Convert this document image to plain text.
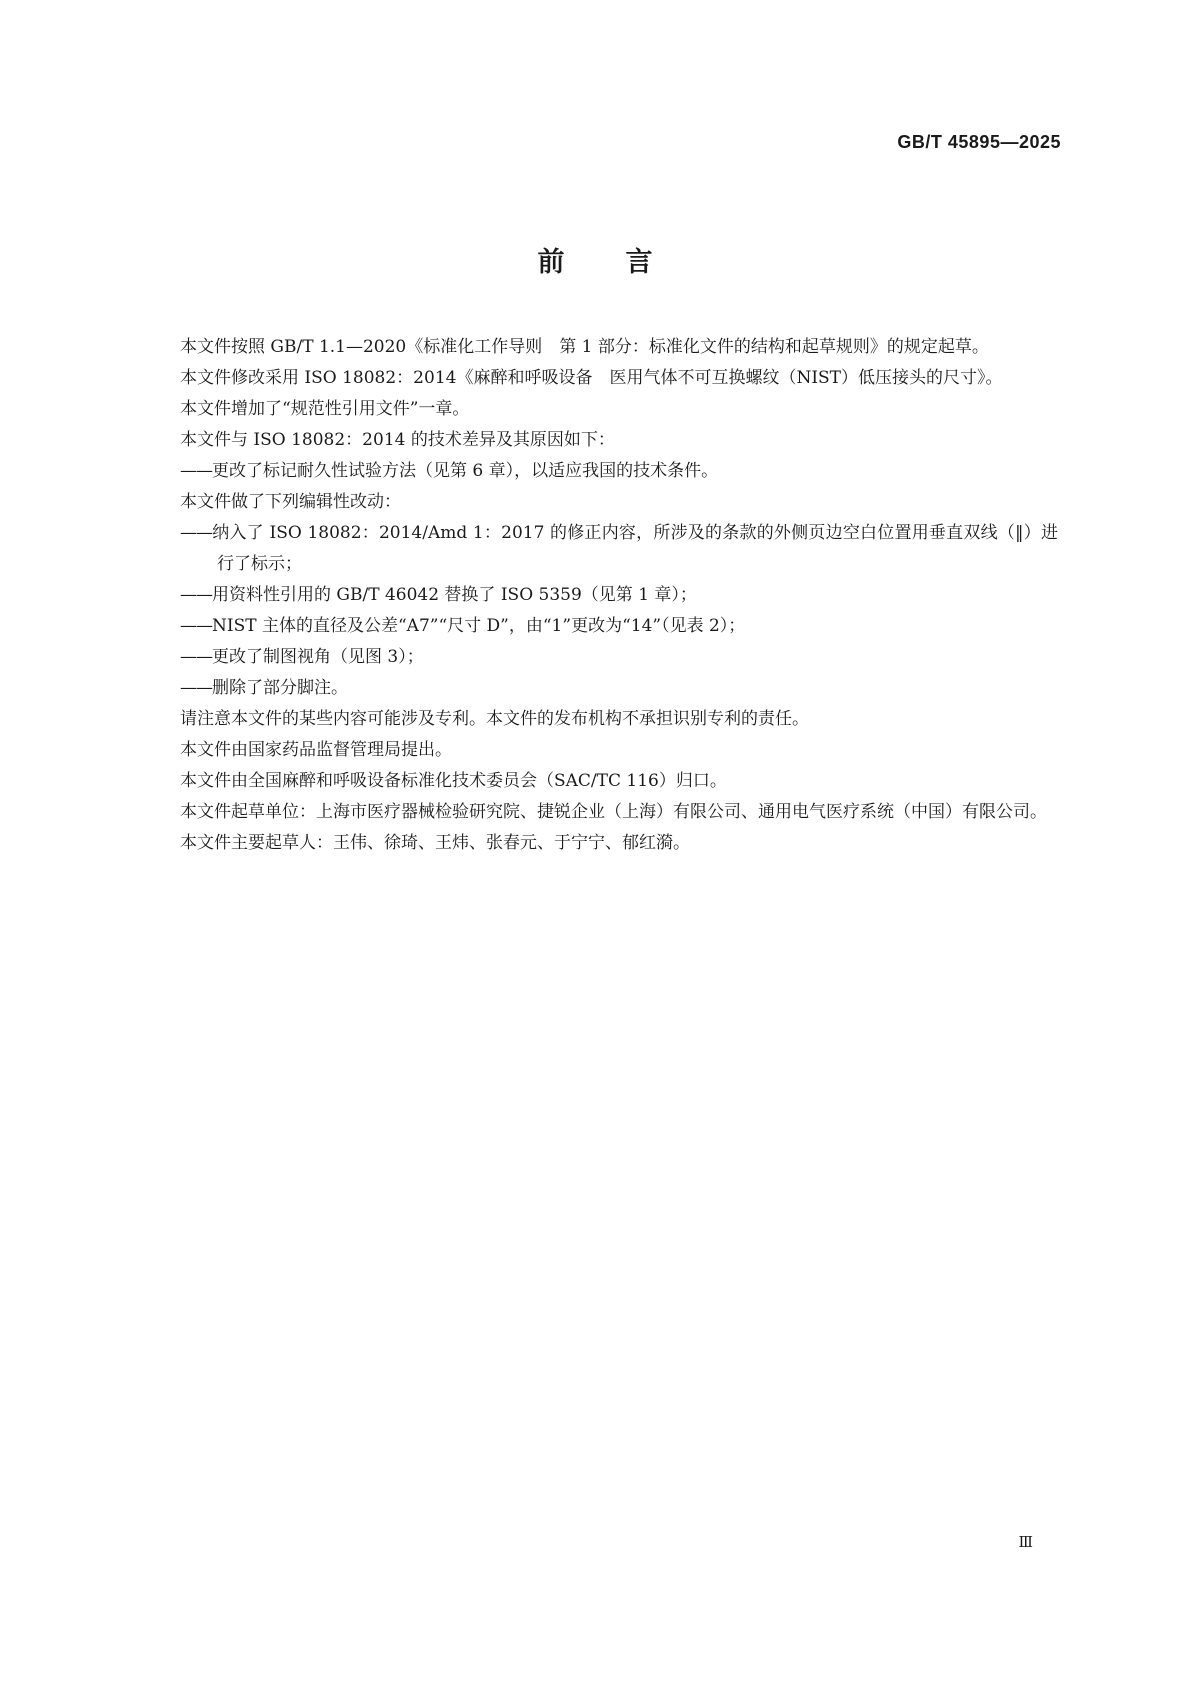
GB/T 45895—2025
前 言

本文件按照 GB/T 1.1—2020《标准化工作导则　第 1 部分：标准化文件的结构和起草规则》的规定起草。

本文件修改采用 ISO 18082：2014《麻醉和呼吸设备　医用气体不可互换螺纹（NIST）低压接头的尺寸》。

本文件增加了“规范性引用文件”一章。

本文件与 ISO 18082：2014 的技术差异及其原因如下：

——更改了标记耐久性试验方法（见第 6 章），以适应我国的技术条件。

本文件做了下列编辑性改动：

——纳入了 ISO 18082：2014/Amd 1：2017 的修正内容，所涉及的条款的外侧页边空白位置用垂直双线（‖）进行了标示；

——用资料性引用的 GB/T 46042 替换了 ISO 5359（见第 1 章）；

——NIST 主体的直径及公差“A7”“尺寸 D”，由“1”更改为“14”（见表 2）；

——更改了制图视角（见图 3）；

——删除了部分脚注。

请注意本文件的某些内容可能涉及专利。本文件的发布机构不承担识别专利的责任。

本文件由国家药品监督管理局提出。

本文件由全国麻醉和呼吸设备标准化技术委员会（SAC/TC 116）归口。

本文件起草单位：上海市医疗器械检验研究院、捷锐企业（上海）有限公司、通用电气医疗系统（中国）有限公司。

本文件主要起草人：王伟、徐琦、王炜、张春元、于宁宁、郁红漪。

Ⅲ
